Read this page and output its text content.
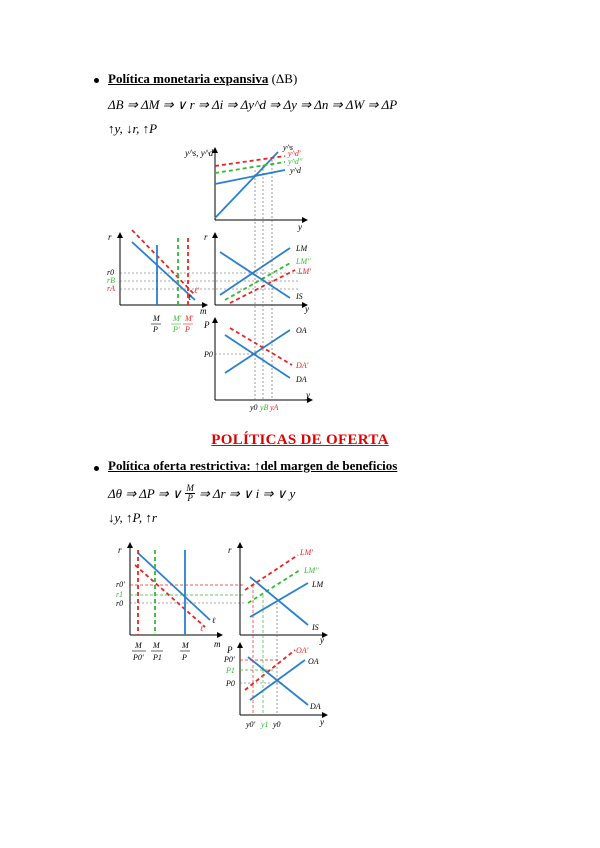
Política monetaria expansiva (ΔB)
ΔB ⇒ ΔM ⇒ ∨ r ⇒ Δi ⇒ Δy^d ⇒ Δy ⇒ Δn ⇒ ΔW ⇒ ΔP
↑y, ↓r, ↑P
y^s, y^d
y
y^s
y^d'
y^d''
y^d
r
m
r0
rB
rA
ℓ
ℓ'
M
P
M'
P'
M'
P
r
y
LM
LM''
LM'
IS
P
y
P0
OA
DA'
DA
y0 yB yA
POLÍTICAS DE OFERTA
Política oferta restrictiva: ↑del margen de beneficios
Δθ ⇒ ΔP ⇒ ∨ $\frac{M}{P}$ ⇒ Δr ⇒ ∨ i ⇒ ∨ y
↓y, ↑P, ↑r
r
m
r0'
r1
r0
ℓ
ℓ'
M
P0'
M
P1
M
P
r
y
LM'
LM''
LM
IS
P
y
OA'
OA
DA
P0'
P1
P0
y0' y1 y0
